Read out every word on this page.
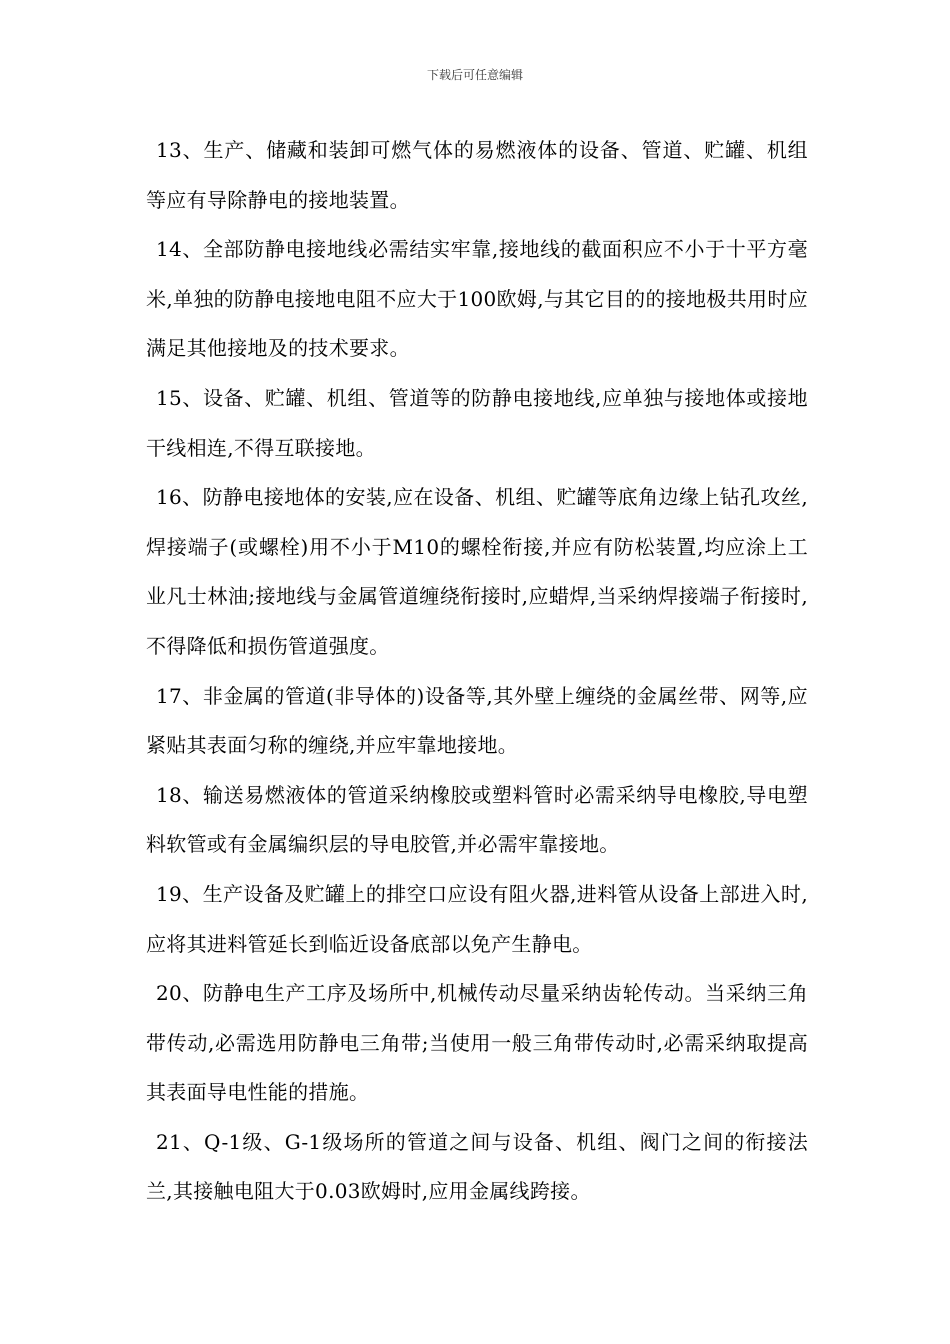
下载后可任意编辑

13、生产、储藏和装卸可燃气体的易燃液体的设备、管道、贮罐、机组等应有导除静电的接地装置。

14、全部防静电接地线必需结实牢靠,接地线的截面积应不小于十平方毫米,单独的防静电接地电阻不应大于100欧姆,与其它目的的接地极共用时应满足其他接地及的技术要求。

15、设备、贮罐、机组、管道等的防静电接地线,应单独与接地体或接地干线相连,不得互联接地。

16、防静电接地体的安装,应在设备、机组、贮罐等底角边缘上钻孔攻丝,焊接端子(或螺栓)用不小于M10的螺栓衔接,并应有防松装置,均应涂上工业凡士林油;接地线与金属管道缠绕衔接时,应蜡焊,当采纳焊接端子衔接时,不得降低和损伤管道强度。

17、非金属的管道(非导体的)设备等,其外壁上缠绕的金属丝带、网等,应紧贴其表面匀称的缠绕,并应牢靠地接地。

18、输送易燃液体的管道采纳橡胶或塑料管时必需采纳导电橡胶,导电塑料软管或有金属编织层的导电胶管,并必需牢靠接地。

19、生产设备及贮罐上的排空口应设有阻火器,进料管从设备上部进入时,应将其进料管延长到临近设备底部以免产生静电。

20、防静电生产工序及场所中,机械传动尽量采纳齿轮传动。当采纳三角带传动,必需选用防静电三角带;当使用一般三角带传动时,必需采纳取提高其表面导电性能的措施。

21、Q-1级、G-1级场所的管道之间与设备、机组、阀门之间的衔接法兰,其接触电阻大于0.03欧姆时,应用金属线跨接。
